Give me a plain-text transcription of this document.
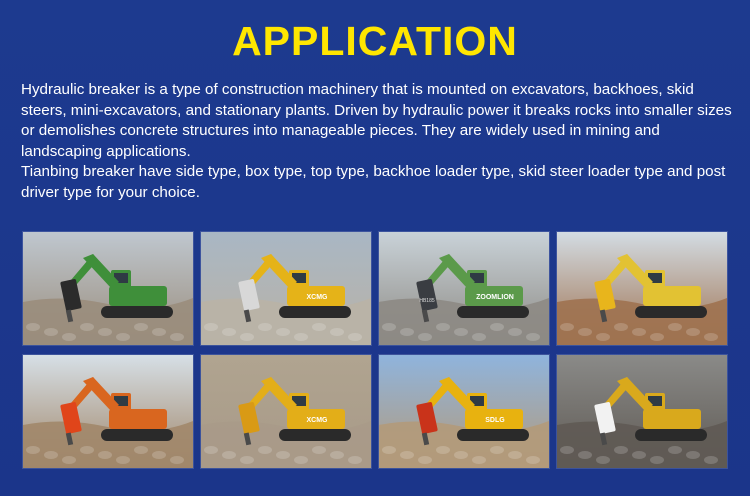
APPLICATION

Hydraulic breaker is a type of construction machinery that is mounted on excavators, backhoes, skid steers, mini-excavators, and stationary plants. Driven by hydraulic power it breaks rocks into smaller sizes or demolishes concrete structures into manageable pieces. They are widely used in mining and landscaping applications.

Tianbing breaker have side type, box type, top type, backhoe loader type, skid steer loader type and post driver type for your choice.

XCMG	ZOOMLION
HB185
XCMG	SDLG
